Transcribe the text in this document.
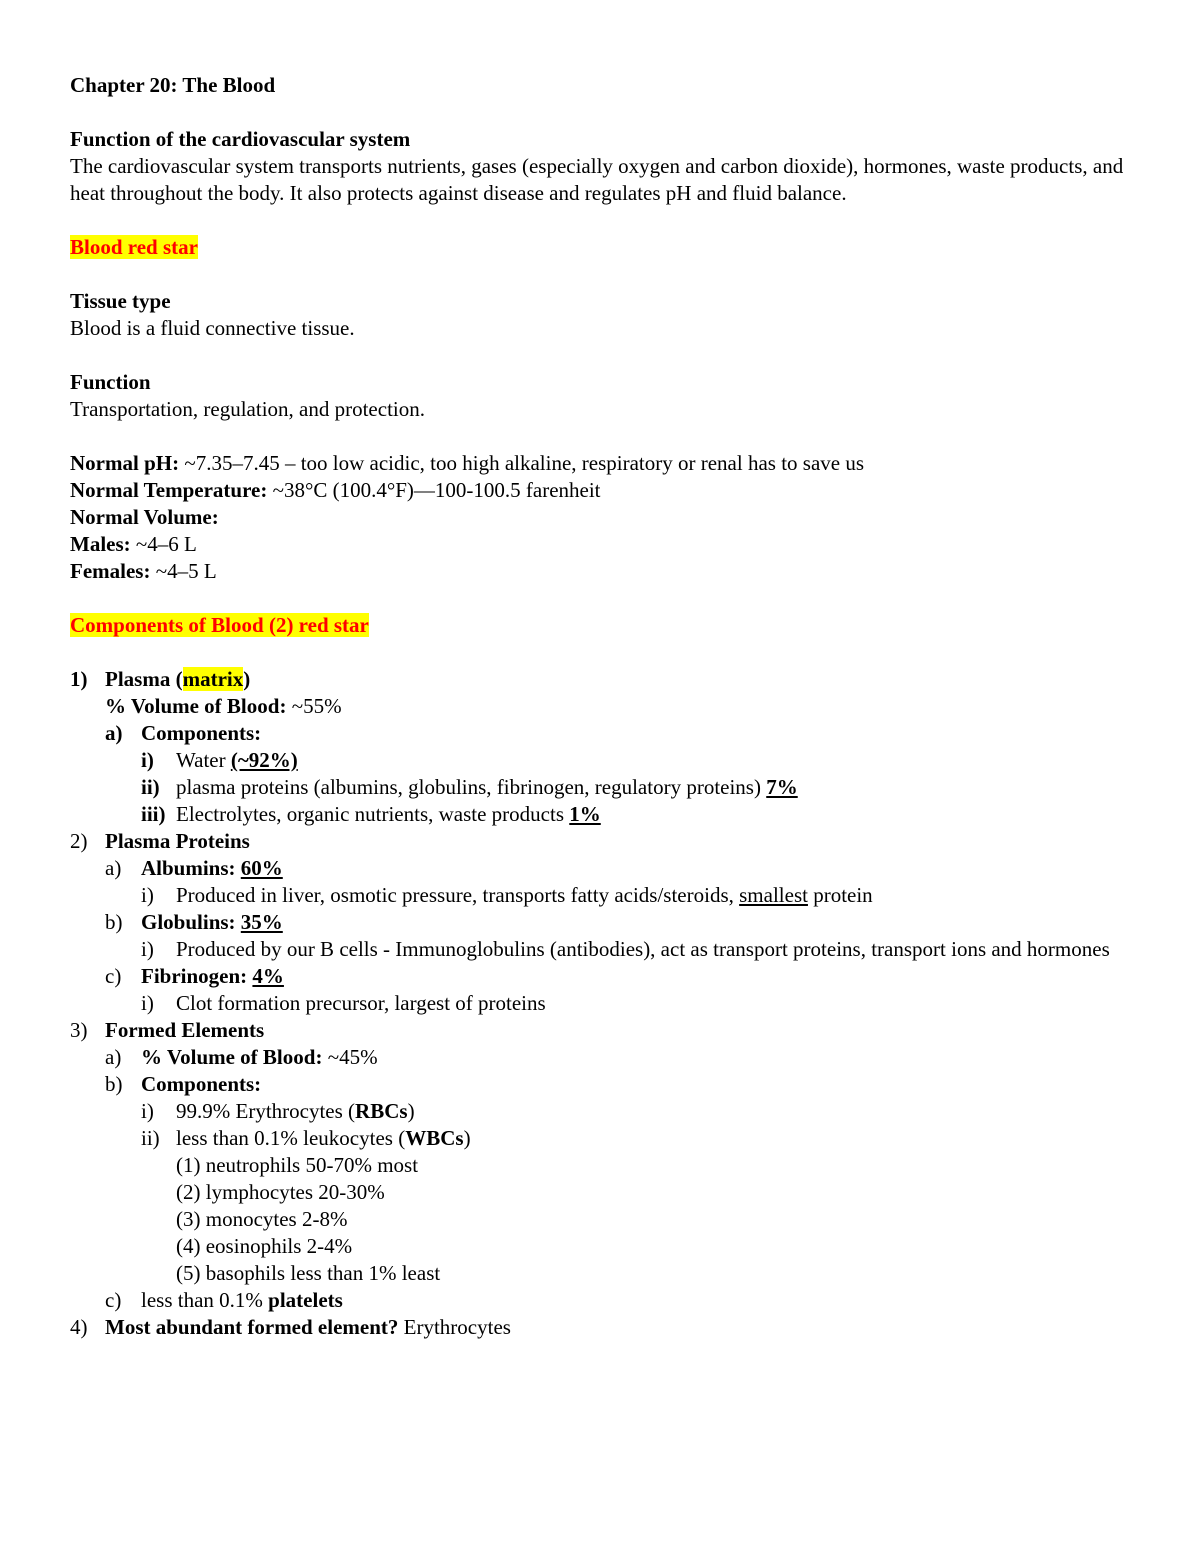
Chapter 20: The Blood

Function of the cardiovascular system

The cardiovascular system transports nutrients, gases (especially oxygen and carbon dioxide), hormones, waste products, and heat throughout the body. It also protects against disease and regulates pH and fluid balance.

Blood red star

Tissue type

Blood is a fluid connective tissue.

Function

Transportation, regulation, and protection.

Normal pH: ~7.35–7.45 – too low acidic, too high alkaline, respiratory or renal has to save us

Normal Temperature: ~38°C (100.4°F)—100-100.5 farenheit

Normal Volume:

Males: ~4–6 L

Females: ~4–5 L

Components of Blood (2) red star

1) Plasma (matrix)
% Volume of Blood: ~55%
a) Components:
i)	Water (~92%)
ii) plasma proteins (albumins, globulins, fibrinogen, regulatory proteins) 7%
iii) Electrolytes, organic nutrients, waste products 1%
2) Plasma Proteins
a) Albumins: 60%
i)	Produced in liver, osmotic pressure, transports fatty acids/steroids, smallest protein
b) Globulins: 35%
i)	Produced by our B cells - Immunoglobulins (antibodies), act as transport proteins, transport ions and hormones
c) Fibrinogen: 4%
i)	Clot formation precursor, largest of proteins
3) Formed Elements
a) % Volume of Blood: ~45%
b) Components:
i)	99.9% Erythrocytes (RBCs)
ii) less than 0.1% leukocytes (WBCs)
(1) neutrophils 50-70% most
(2) lymphocytes 20-30%
(3) monocytes 2-8%
(4) eosinophils 2-4%
(5) basophils less than 1% least
c) less than 0.1% platelets
4) Most abundant formed element? Erythrocytes
